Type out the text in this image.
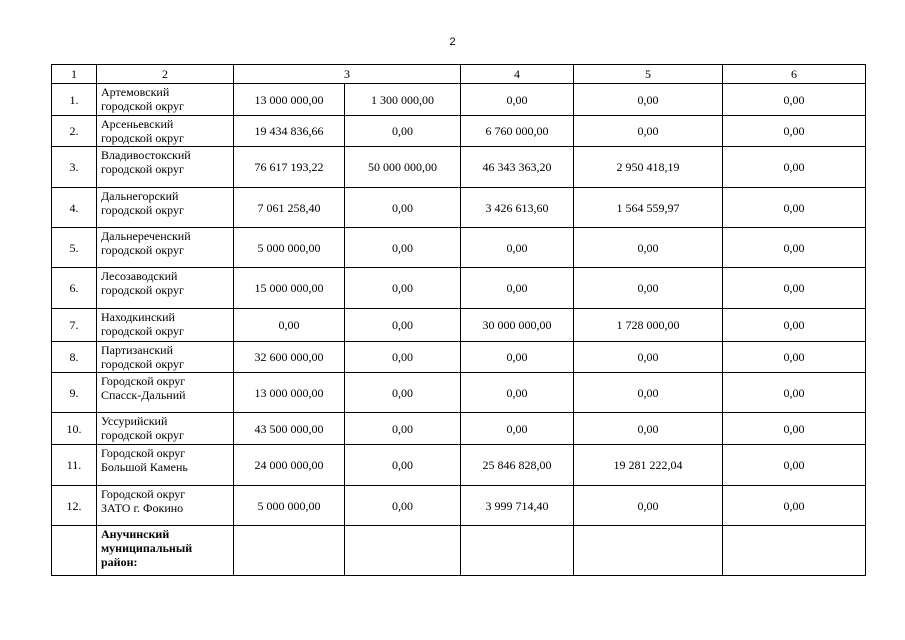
2
1	2	3		4	5	6
1.	Артемовский
городской округ	13 000 000,00	1 300 000,00	0,00	0,00	0,00
2.	Арсеньевский
городской округ	19 434 836,66	0,00	6 760 000,00	0,00	0,00
3.	Владивостокский
городской округ	76 617 193,22	50 000 000,00	46 343 363,20	2 950 418,19	0,00
4.	Дальнегорский
городской округ	7 061 258,40	0,00	3 426 613,60	1 564 559,97	0,00
5.	Дальнереченский
городской округ	5 000 000,00	0,00	0,00	0,00	0,00
6.	Лесозаводский
городской округ	15 000 000,00	0,00	0,00	0,00	0,00
7.	Находкинский
городской округ	0,00	0,00	30 000 000,00	1 728 000,00	0,00
8.	Партизанский
городской округ	32 600 000,00	0,00	0,00	0,00	0,00
9.	Городской округ
Спасск-Дальний	13 000 000,00	0,00	0,00	0,00	0,00
10.	Уссурийский
городской округ	43 500 000,00	0,00	0,00	0,00	0,00
11.	Городской округ
Большой Камень	24 000 000,00	0,00	25 846 828,00	19 281 222,04	0,00
12.	Городской округ
ЗАТО г. Фокино	5 000 000,00	0,00	3 999 714,40	0,00	0,00

	Анучинский
муниципальный
район:					
